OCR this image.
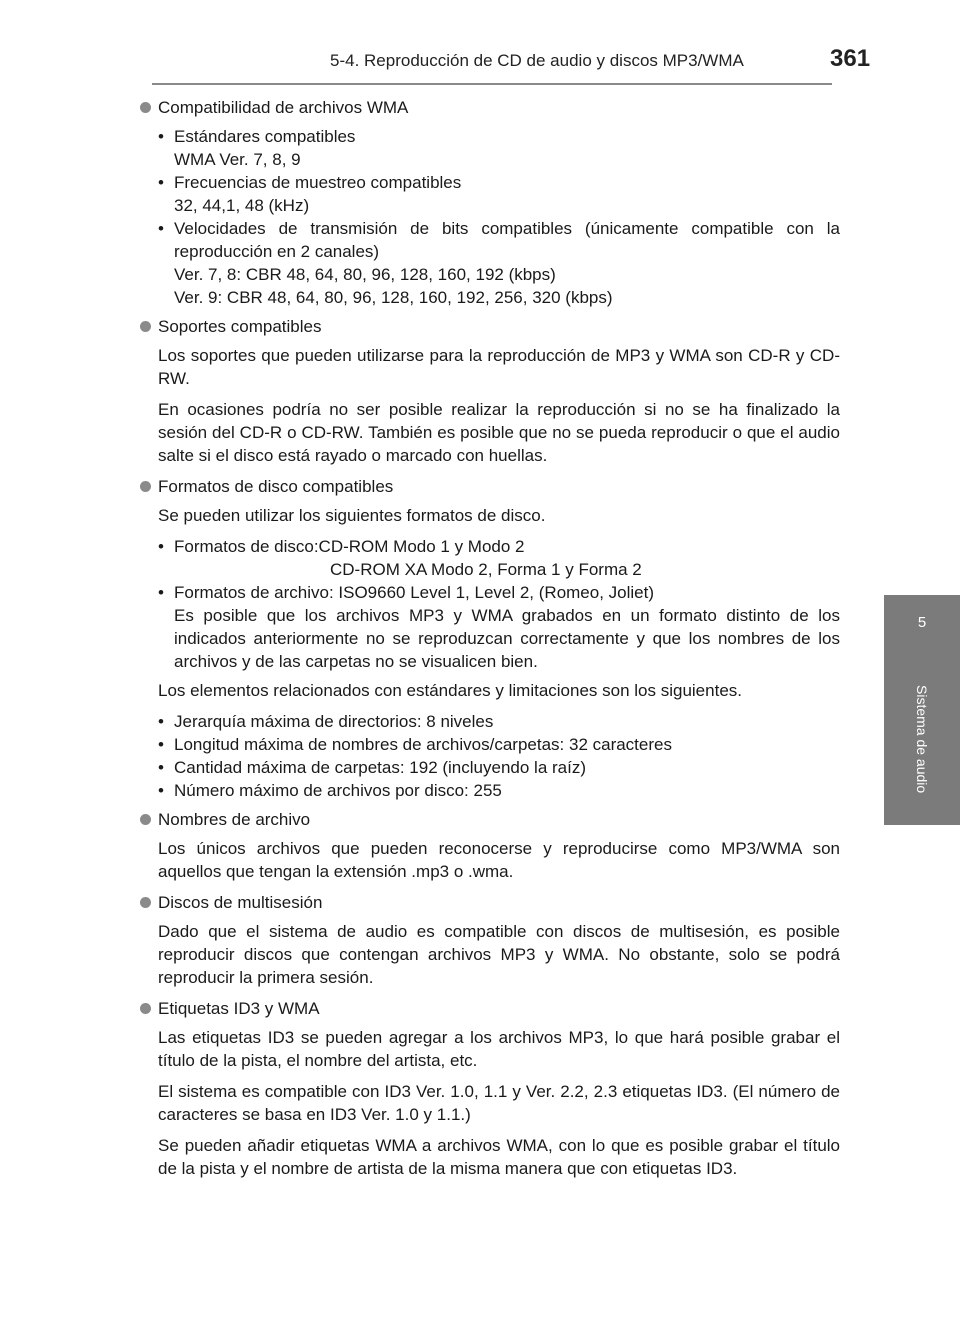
5-4. Reproducción de CD de audio y discos MP3/WMA	361
5
Sistema de audio
Compatibilidad de archivos WMA
• Estándares compatibles
WMA Ver. 7, 8, 9
• Frecuencias de muestreo compatibles
32, 44,1, 48 (kHz)
• Velocidades de transmisión de bits compatibles (únicamente compatible con la reproducción en 2 canales)
Ver. 7, 8: CBR 48, 64, 80, 96, 128, 160, 192 (kbps)
Ver. 9: CBR 48, 64, 80, 96, 128, 160, 192, 256, 320 (kbps)
Soportes compatibles
Los soportes que pueden utilizarse para la reproducción de MP3 y WMA son CD-R y CD-RW.
En ocasiones podría no ser posible realizar la reproducción si no se ha finalizado la sesión del CD-R o CD-RW. También es posible que no se pueda reproducir o que el audio salte si el disco está rayado o marcado con huellas.
Formatos de disco compatibles
Se pueden utilizar los siguientes formatos de disco.
• Formatos de disco:CD-ROM Modo 1 y Modo 2
CD-ROM XA Modo 2, Forma 1 y Forma 2
• Formatos de archivo: ISO9660 Level 1, Level 2, (Romeo, Joliet)
Es posible que los archivos MP3 y WMA grabados en un formato distinto de los indicados anteriormente no se reproduzcan correctamente y que los nombres de los archivos y de las carpetas no se visualicen bien.
Los elementos relacionados con estándares y limitaciones son los siguientes.
• Jerarquía máxima de directorios: 8 niveles
• Longitud máxima de nombres de archivos/carpetas: 32 caracteres
• Cantidad máxima de carpetas: 192 (incluyendo la raíz)
• Número máximo de archivos por disco: 255
Nombres de archivo
Los únicos archivos que pueden reconocerse y reproducirse como MP3/WMA son aquellos que tengan la extensión .mp3 o .wma.
Discos de multisesión
Dado que el sistema de audio es compatible con discos de multisesión, es posible reproducir discos que contengan archivos MP3 y WMA. No obstante, solo se podrá reproducir la primera sesión.
Etiquetas ID3 y WMA
Las etiquetas ID3 se pueden agregar a los archivos MP3, lo que hará posible grabar el título de la pista, el nombre del artista, etc.
El sistema es compatible con ID3 Ver. 1.0, 1.1 y Ver. 2.2, 2.3 etiquetas ID3. (El número de caracteres se basa en ID3 Ver. 1.0 y 1.1.)
Se pueden añadir etiquetas WMA a archivos WMA, con lo que es posible grabar el título de la pista y el nombre de artista de la misma manera que con etiquetas ID3.
